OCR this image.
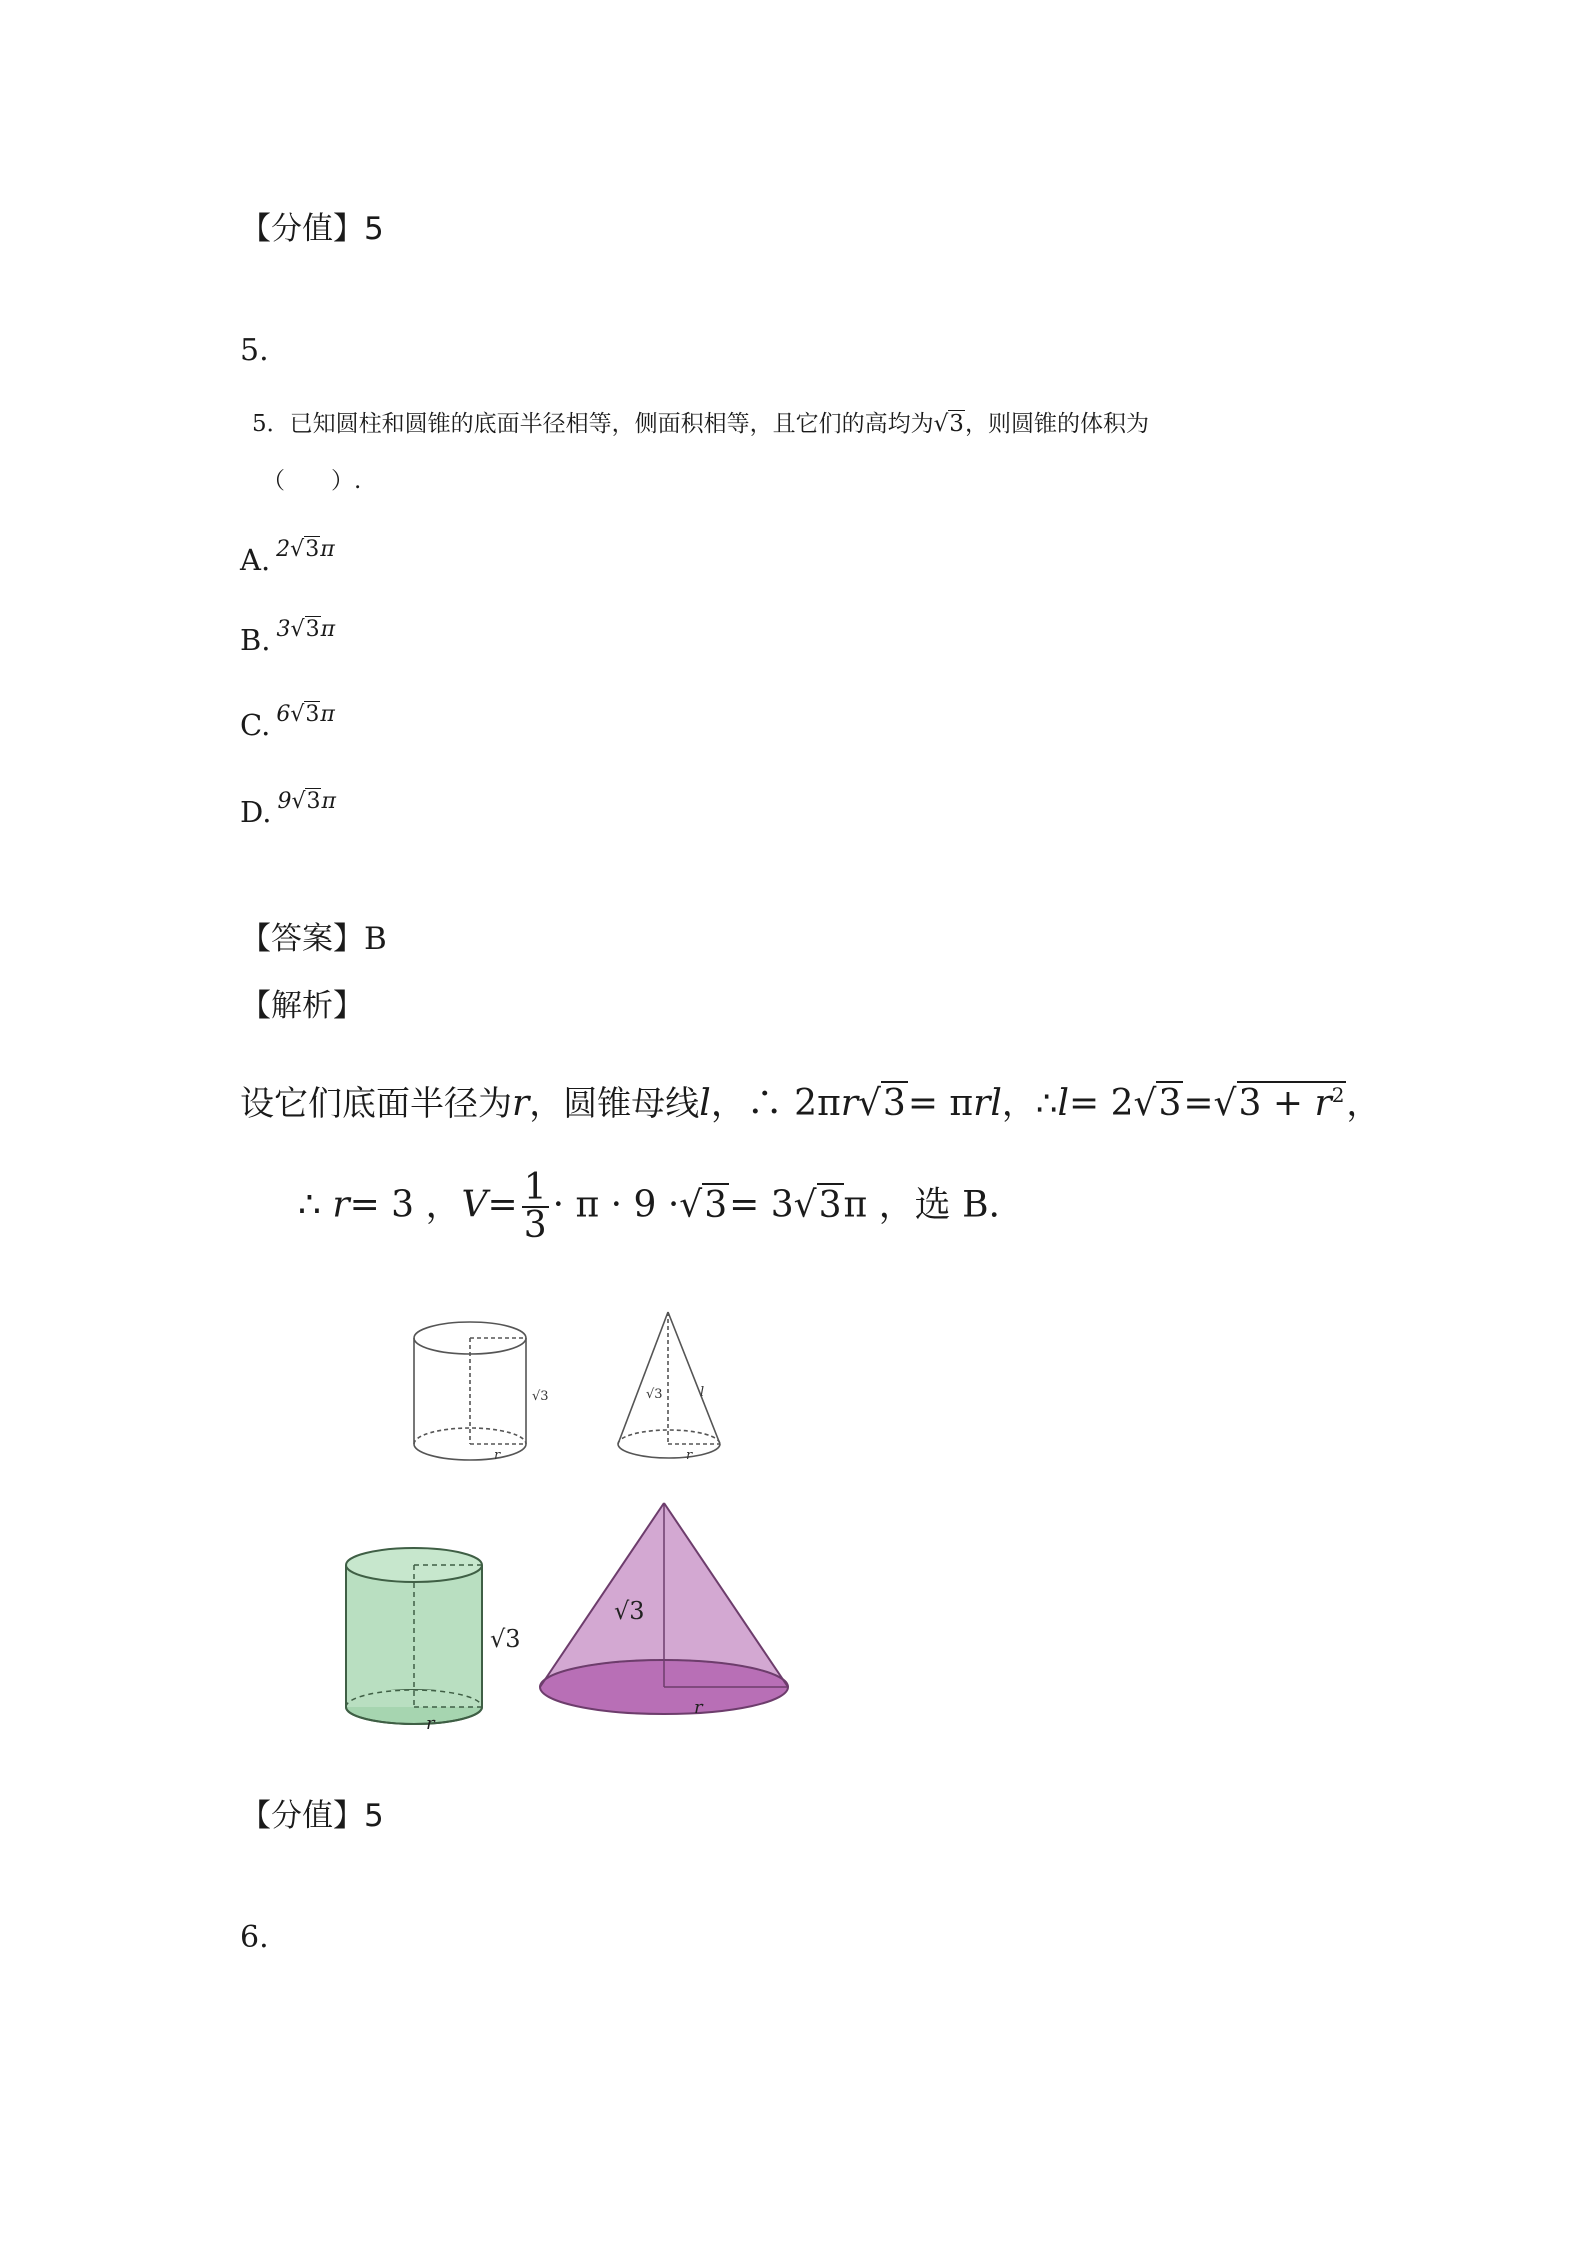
【分值】5
5.
5．已知圆柱和圆锥的底面半径相等，侧面积相等，且它们的高均为√3，则圆锥的体积为
（　　）.
A. $^{2√3\pi}$
B. $^{3√3\pi}$
C. $^{6√3\pi}$
D. $^{9√3\pi}$
【答案】B
【解析】
设它们底面半径为r，圆锥母线l，∴ 2πr√3= πrl，∴l= $2√3=√3 + r^2$，
∴ r= 3 ，$V= \frac{1}{3} \cdot \pi \cdot 9 \cdot√3= 3√3\pi$ ，选 B.
√3
r
√3	l
r
√3
r
√3
r
【分值】5
6.
